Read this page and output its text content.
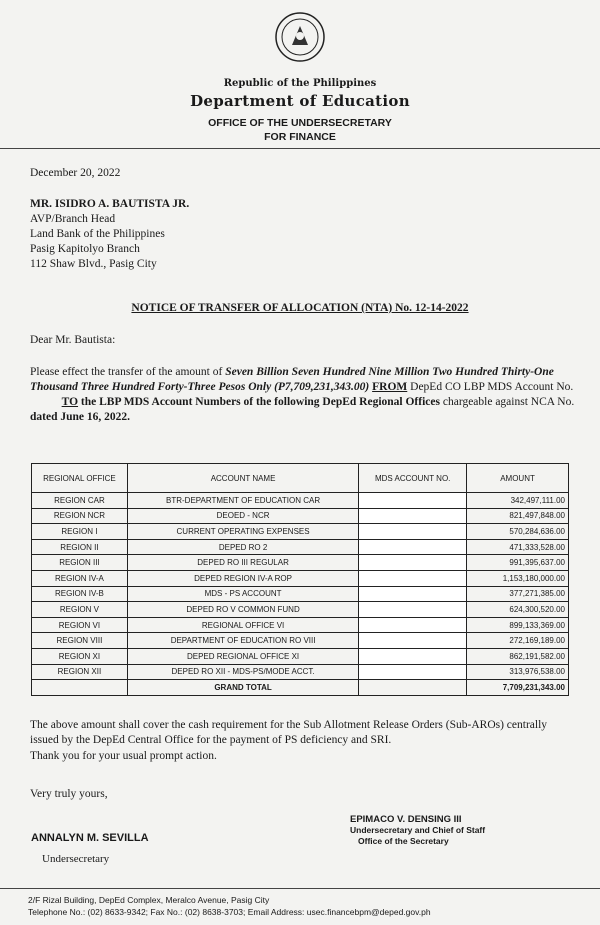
Republic of the Philippines
Department of Education
OFFICE OF THE UNDERSECRETARY
FOR FINANCE
December 20, 2022
MR. ISIDRO A. BAUTISTA JR.
AVP/Branch Head
Land Bank of the Philippines
Pasig Kapitolyo Branch
112 Shaw Blvd., Pasig City
NOTICE OF TRANSFER OF ALLOCATION (NTA) No. 12-14-2022
Dear Mr. Bautista:
Please effect the transfer of the amount of Seven Billion Seven Hundred Nine Million Two Hundred Thirty-One Thousand Three Hundred Forty-Three Pesos Only (P7,709,231,343.00) FROM DepEd CO LBP MDS Account No.            TO the LBP MDS Account Numbers of the following DepEd Regional Offices chargeable against NCA No. dated June 16, 2022.
REGIONAL OFFICE	ACCOUNT NAME	MDS ACCOUNT NO.	AMOUNT
REGION CAR	BTR-DEPARTMENT OF EDUCATION CAR		342,497,111.00
REGION NCR	DEOED - NCR		821,497,848.00
REGION I	CURRENT OPERATING EXPENSES		570,284,636.00
REGION II	DEPED RO 2		471,333,528.00
REGION III	DEPED RO III REGULAR		991,395,637.00
REGION IV-A	DEPED REGION IV-A ROP		1,153,180,000.00
REGION IV-B	MDS - PS ACCOUNT		377,271,385.00
REGION V	DEPED RO V COMMON FUND		624,300,520.00
REGION VI	REGIONAL OFFICE VI		899,133,369.00
REGION VIII	DEPARTMENT OF EDUCATION RO VIII		272,169,189.00
REGION XI	DEPED REGIONAL OFFICE XI		862,191,582.00
REGION XII	DEPED RO XII - MDS-PS/MODE ACCT.		313,976,538.00
	GRAND TOTAL		7,709,231,343.00
The above amount shall cover the cash requirement for the Sub Allotment Release Orders (Sub-AROs) centrally issued by the DepEd Central Office for the payment of PS deficiency and SRI.
Thank you for your usual prompt action.
Very truly yours,
ANNALYN M. SEVILLA
Undersecretary
EPIMACO V. DENSING III
Undersecretary and Chief of Staff
Office of the Secretary
2/F Rizal Building, DepEd Complex, Meralco Avenue, Pasig City
Telephone No.: (02) 8633-9342; Fax No.: (02) 8638-3703; Email Address: usec.financebpm@deped.gov.ph
